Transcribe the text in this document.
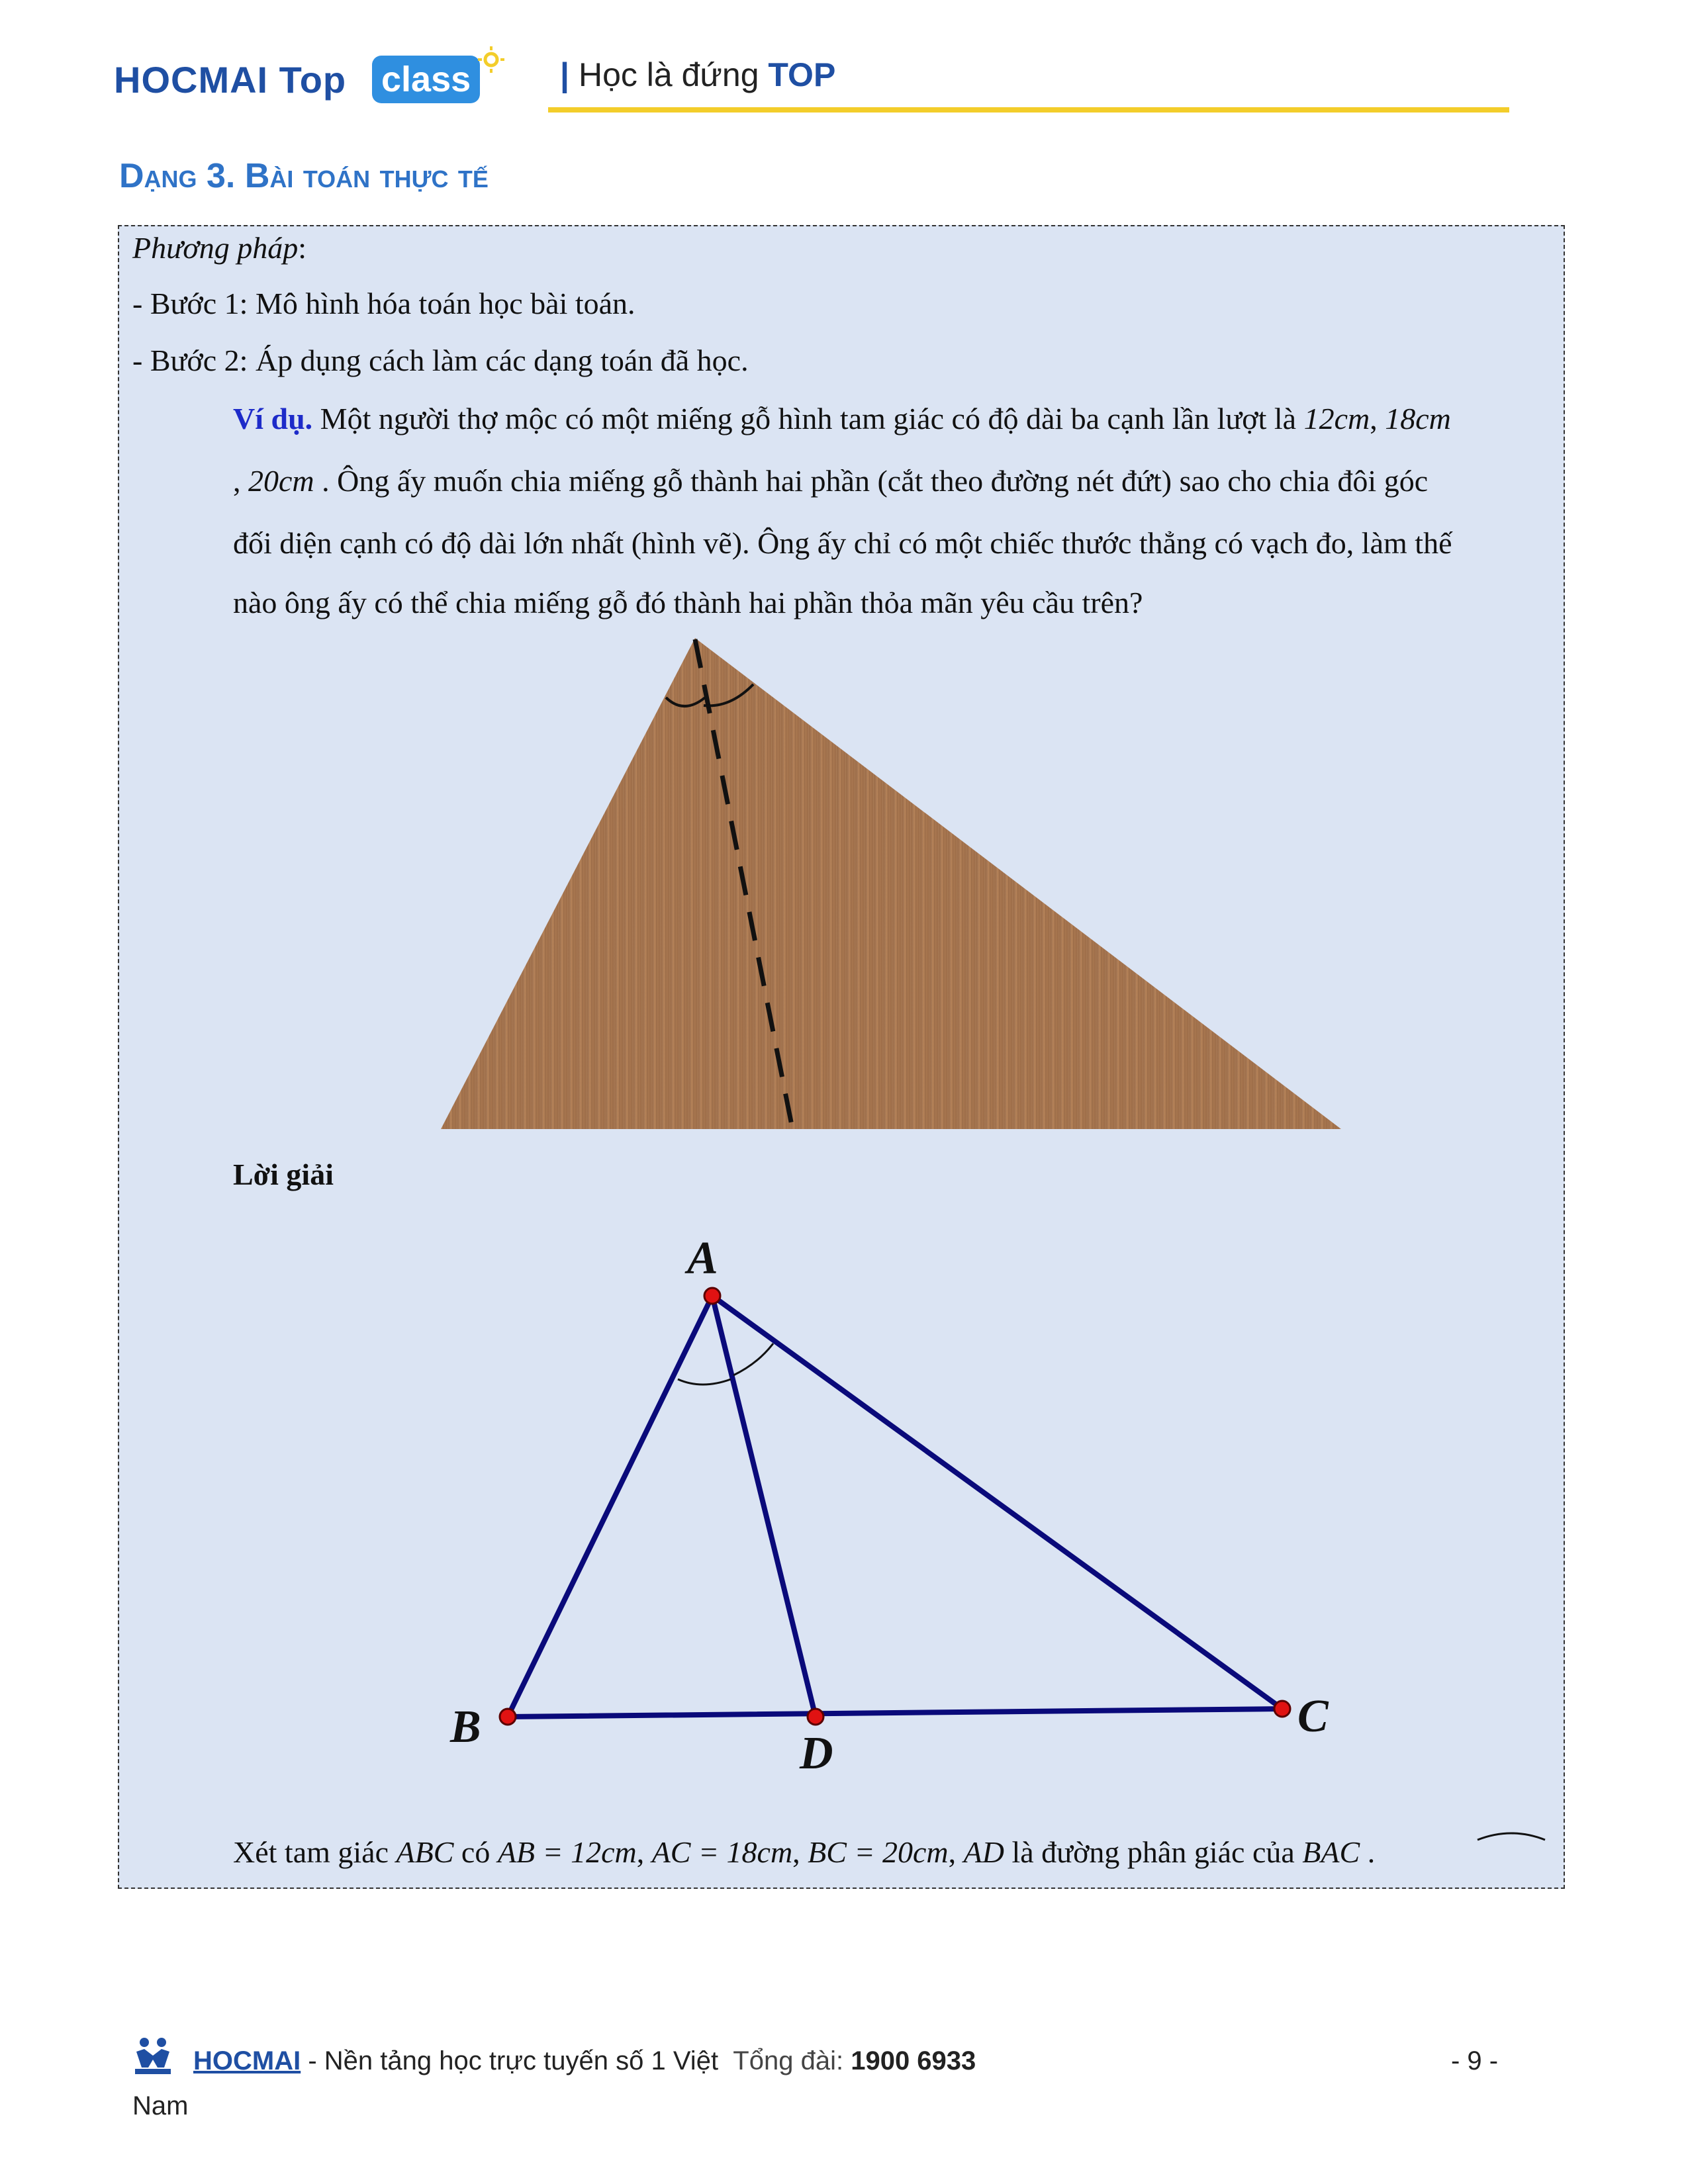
HOCMAI Top class	| Học là đứng TOP
Dạng 3. Bài toán thực tế
Phương pháp:
- Bước 1: Mô hình hóa toán học bài toán.
- Bước 2: Áp dụng cách làm các dạng toán đã học.
Ví dụ. Một người thợ mộc có một miếng gỗ hình tam giác có độ dài ba cạnh lần lượt là 12cm, 18cm
, 20cm . Ông ấy muốn chia miếng gỗ thành hai phần (cắt theo đường nét đứt) sao cho chia đôi góc
đối diện cạnh có độ dài lớn nhất (hình vẽ). Ông ấy chỉ có một chiếc thước thẳng có vạch đo, làm thế
nào ông ấy có thể chia miếng gỗ đó thành hai phần thỏa mãn yêu cầu trên?
Lời giải
A
B
D
C
Xét tam giác ABC có AB = 12cm, AC = 18cm, BC = 20cm, AD là đường phân giác của BAC .
HOCMAI - Nền tảng học trực tuyến số 1 Việt Tổng đài: 1900 6933	- 9 -
Nam
